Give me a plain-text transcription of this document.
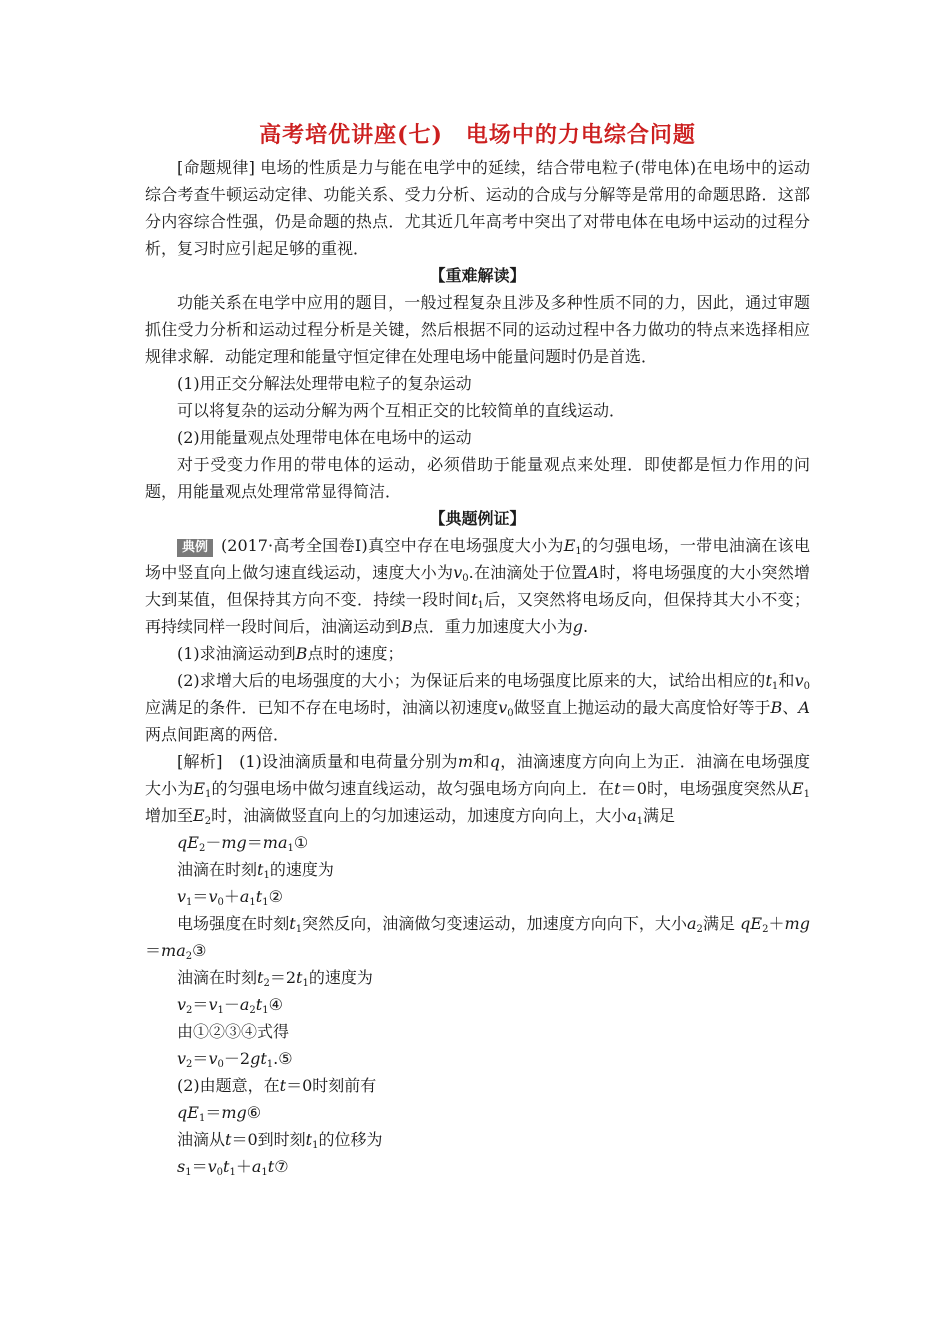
高考培优讲座(七)　电场中的力电综合问题

[命题规律] 电场的性质是力与能在电学中的延续，结合带电粒子(带电体)在电场中的运动综合考查牛顿运动定律、功能关系、受力分析、运动的合成与分解等是常用的命题思路．这部分内容综合性强，仍是命题的热点．尤其近几年高考中突出了对带电体在电场中运动的过程分析，复习时应引起足够的重视．

【重难解读】

功能关系在电学中应用的题目，一般过程复杂且涉及多种性质不同的力，因此，通过审题抓住受力分析和运动过程分析是关键，然后根据不同的运动过程中各力做功的特点来选择相应规律求解．动能定理和能量守恒定律在处理电场中能量问题时仍是首选．

(1)用正交分解法处理带电粒子的复杂运动

可以将复杂的运动分解为两个互相正交的比较简单的直线运动．

(2)用能量观点处理带电体在电场中的运动

对于受变力作用的带电体的运动，必须借助于能量观点来处理．即使都是恒力作用的问题，用能量观点处理常常显得简洁．

【典题例证】

典例 (2017·高考全国卷Ⅰ)真空中存在电场强度大小为$E_1$的匀强电场，一带电油滴在该电场中竖直向上做匀速直线运动，速度大小为$v_0$.在油滴处于位置A时，将电场强度的大小突然增大到某值，但保持其方向不变．持续一段时间$t_1$后，又突然将电场反向，但保持其大小不变；再持续同样一段时间后，油滴运动到B点．重力加速度大小为g.

(1)求油滴运动到B点时的速度；

(2)求增大后的电场强度的大小；为保证后来的电场强度比原来的大，试给出相应的$t_1$和$v_0$应满足的条件．已知不存在电场时，油滴以初速度$v_0$做竖直上抛运动的最大高度恰好等于B、A两点间距离的两倍．

[解析]　 (1)设油滴质量和电荷量分别为m和q，油滴速度方向向上为正．油滴在电场强度大小为$E_1$的匀强电场中做匀速直线运动，故匀强电场方向向上．在t＝0时，电场强度突然从$E_1$增加至$E_2$时，油滴做竖直向上的匀加速运动，加速度方向向上，大小$a_1$满足

$qE_2-mg=ma_1①$

油滴在时刻$t_1$的速度为

$v_1=v_0+a_1t_1②$

电场强度在时刻$t_1$突然反向，油滴做匀变速运动，加速度方向向下，大小$a_2$满足 $qE_2+mg=ma_2③$

油滴在时刻$t_2=2t_1$的速度为

$v_2=v_1-a_2t_1④$

由①②③④式得

$v_2=v_0-2gt_1.⑤$

(2)由题意，在t＝0时刻前有

$qE_1=mg⑥$

油滴从t＝0到时刻$t_1$的位移为

$s_1=v_0t_1+a_1t⑦$
